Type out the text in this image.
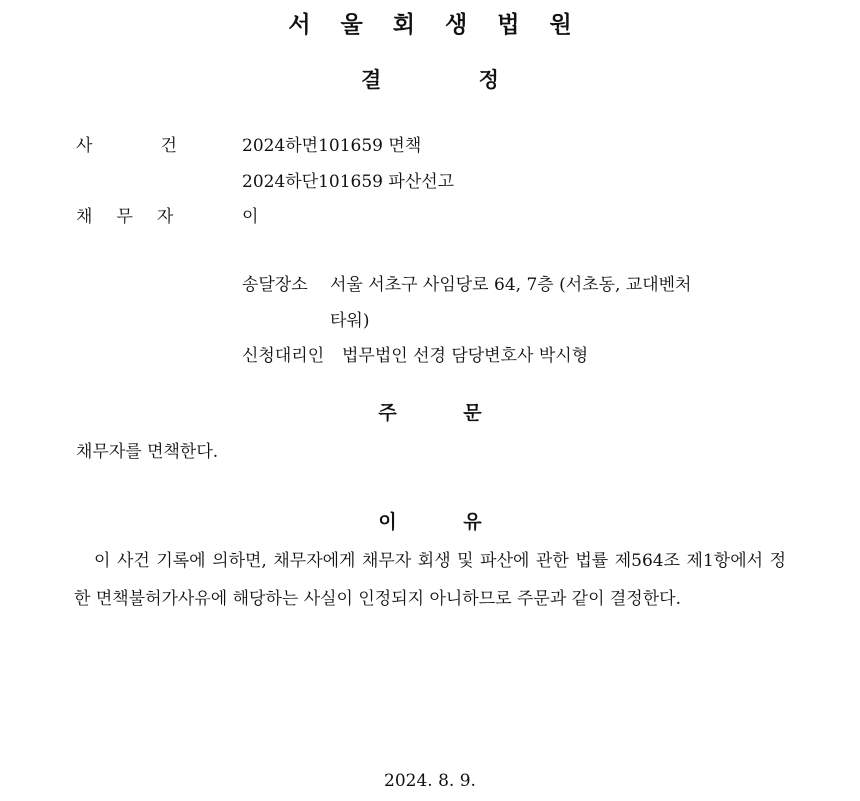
서 울 회 생 법 원
결 정
사	건	2024하면101659 면책
2024하단101659 파산선고
채 무 자	이
송달장소 서울 서초구 사임당로 64, 7층 (서초동, 교대벤처
타워)
신청대리인 법무법인 선경 담당변호사 박시형
주 문
채무자를 면책한다.
이 유
이 사건 기록에 의하면, 채무자에게 채무자 회생 및 파산에 관한 법률 제564조 제1항에서 정한 면책불허가사유에 해당하는 사실이 인정되지 아니하므로 주문과 같이 결정한다.
2024. 8. 9.
